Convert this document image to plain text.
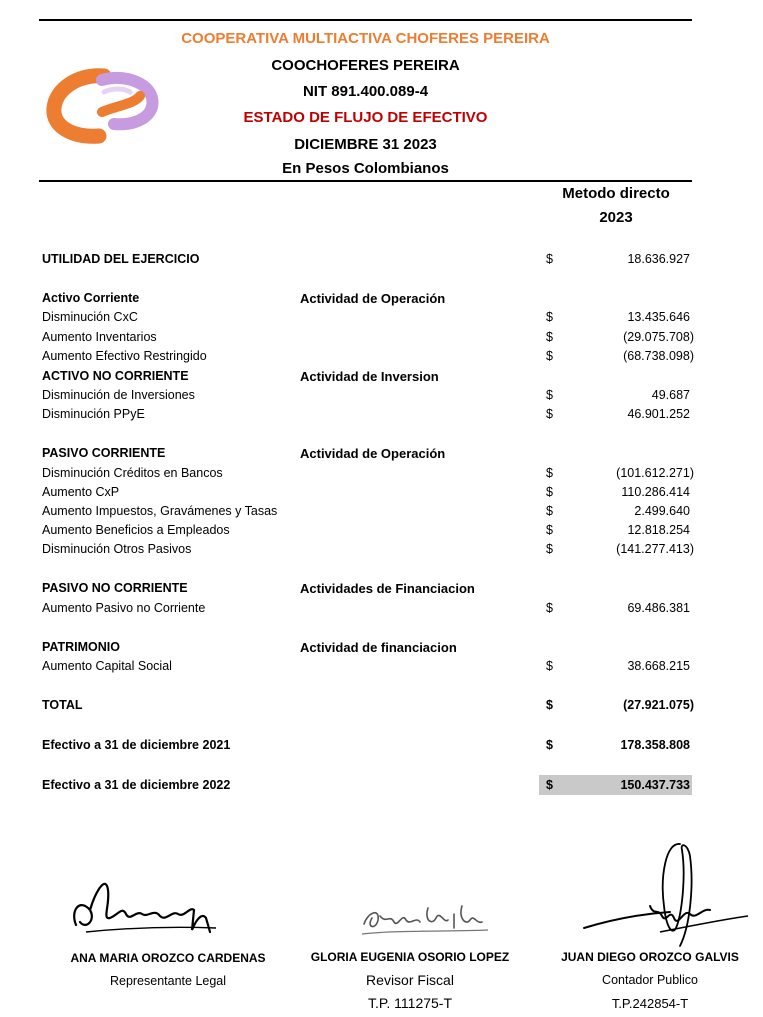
COOPERATIVA MULTIACTIVA CHOFERES PEREIRA
COOCHOFERES PEREIRA
NIT 891.400.089-4
ESTADO DE FLUJO DE EFECTIVO
DICIEMBRE 31 2023
En Pesos Colombianos
Metodo directo
2023
UTILIDAD DEL EJERCICIO	$	18.636.927
Activo Corriente	Actividad de Operación
Disminución CxC	$	13.435.646
Aumento Inventarios	$	(29.075.708)
Aumento Efectivo Restringido	$	(68.738.098)
ACTIVO NO CORRIENTE	Actividad de Inversion
Disminución de Inversiones	$	49.687
Disminución PPyE	$	46.901.252
PASIVO CORRIENTE	Actividad de Operación
Disminución Créditos en Bancos	$	(101.612.271)
Aumento CxP	$	110.286.414
Aumento Impuestos, Gravámenes y Tasas	$	2.499.640
Aumento Beneficios a Empleados	$	12.818.254
Disminución Otros Pasivos	$	(141.277.413)
PASIVO NO CORRIENTE	Actividades de Financiacion
Aumento Pasivo no Corriente	$	69.486.381
PATRIMONIO	Actividad de financiacion
Aumento Capital Social	$	38.668.215
TOTAL	$	(27.921.075)
Efectivo a 31 de diciembre 2021	$	178.358.808
Efectivo a 31 de diciembre 2022	$	150.437.733
ANA MARIA OROZCO CARDENAS
Representante Legal
GLORIA EUGENIA OSORIO LOPEZ
Revisor Fiscal
T.P. 111275-T
JUAN DIEGO OROZCO GALVIS
Contador Publico
T.P.242854-T
